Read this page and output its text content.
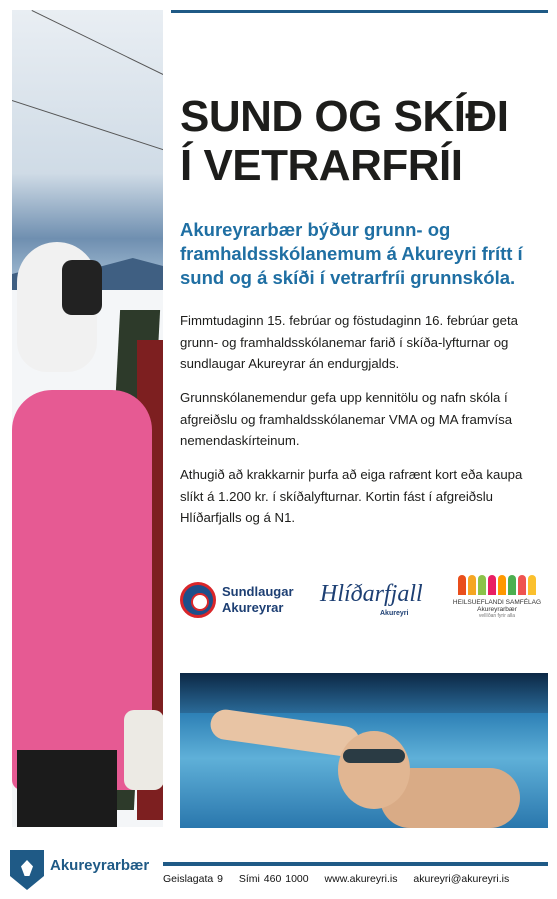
SUND OG SKÍÐI
Í VETRARFRÍI
Akureyrarbær býður grunn- og framhaldsskólanemum á Akureyri frítt í sund og á skíði í vetrarfríi grunnskóla.
Fimmtudaginn 15. febrúar og föstudaginn 16. febrúar geta grunn- og framhaldsskólanemar farið í skíða-lyfturnar og sundlaugar Akureyrar án endurgjalds.
Grunnskólanemendur gefa upp kennitölu og nafn skóla í afgreiðslu og framhaldsskólanemar VMA og MA framvísa nemendaskírteinum.
Athugið að krakkarnir þurfa að eiga rafrænt kort eða kaupa slíkt á 1.200 kr. í skíðalyfturnar. Kortin fást í afgreiðslu Hlíðarfjalls og á N1.
Sundlaugar
Akureyrar
Hlíðarfjall
Akureyri
HEILSUEFLANDI SAMFÉLAG
Akureyrarbær
vellíðan fyrir alla
Akureyrarbær
Geislagata 9 Sími 460 1000 www.akureyri.is akureyri@akureyri.is
